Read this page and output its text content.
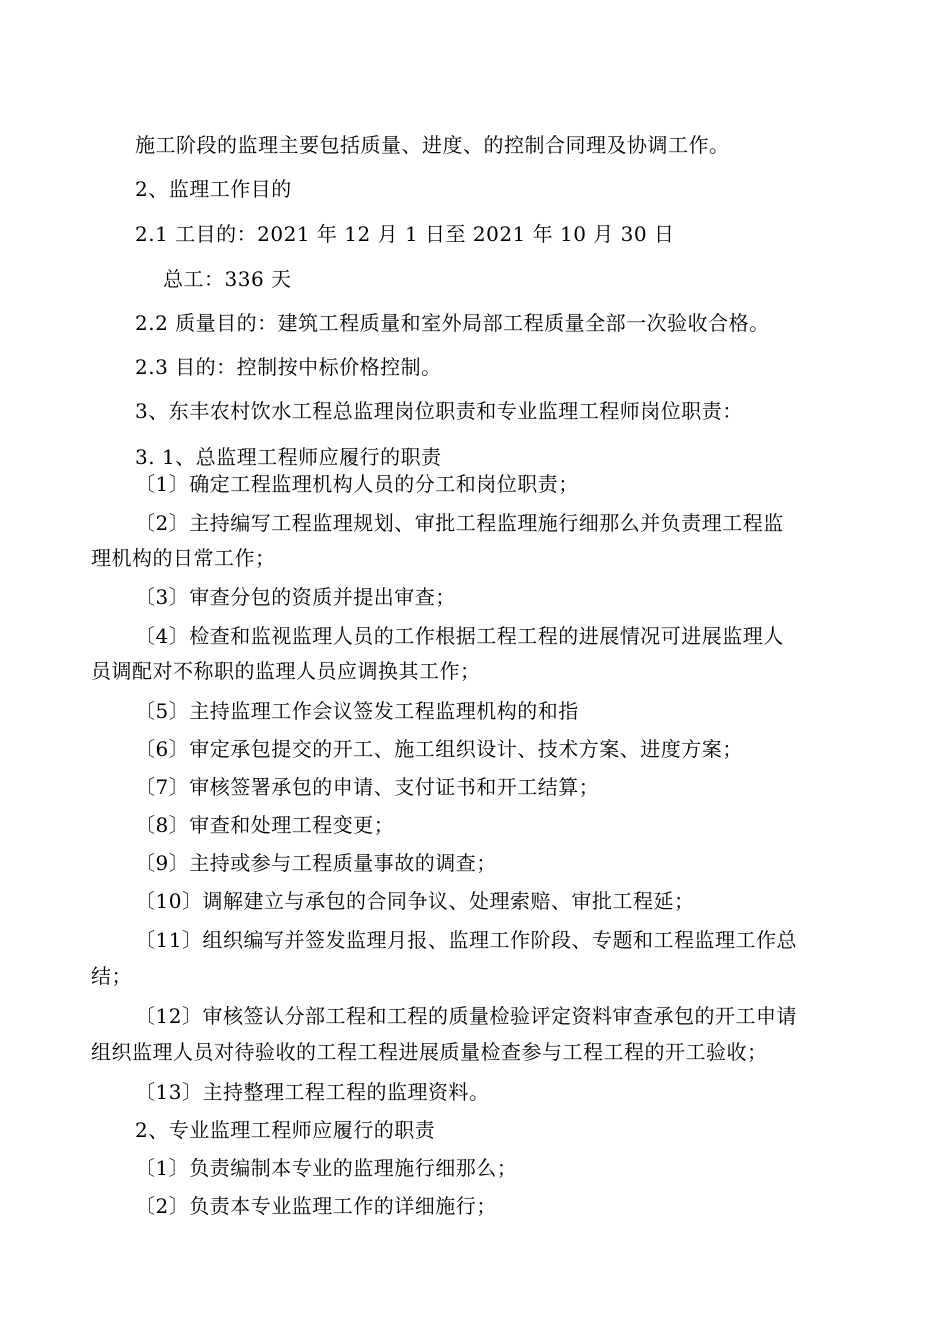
施工阶段的监理主要包括质量、进度、的控制合同理及协调工作。
2、监理工作目的
2.1 工目的：2021 年 12 月 1 日至 2021 年 10 月 30 日
总工：336 天
2.2 质量目的：建筑工程质量和室外局部工程质量全部一次验收合格。
2.3 目的：控制按中标价格控制。
3、东丰农村饮水工程总监理岗位职责和专业监理工程师岗位职责：
3. 1、总监理工程师应履行的职责
〔1〕确定工程监理机构人员的分工和岗位职责；
〔2〕主持编写工程监理规划、审批工程监理施行细那么并负责理工程监
理机构的日常工作；
〔3〕审查分包的资质并提出审查；
〔4〕检查和监视监理人员的工作根据工程工程的进展情况可进展监理人
员调配对不称职的监理人员应调换其工作；
〔5〕主持监理工作会议签发工程监理机构的和指
〔6〕审定承包提交的开工、施工组织设计、技术方案、进度方案；
〔7〕审核签署承包的申请、支付证书和开工结算；
〔8〕审查和处理工程变更；
〔9〕主持或参与工程质量事故的调查；
〔10〕调解建立与承包的合同争议、处理索赔、审批工程延；
〔11〕组织编写并签发监理月报、监理工作阶段、专题和工程监理工作总
结；
〔12〕审核签认分部工程和工程的质量检验评定资料审查承包的开工申请
组织监理人员对待验收的工程工程进展质量检查参与工程工程的开工验收；
〔13〕主持整理工程工程的监理资料。
2、专业监理工程师应履行的职责
〔1〕负责编制本专业的监理施行细那么；
〔2〕负责本专业监理工作的详细施行；
